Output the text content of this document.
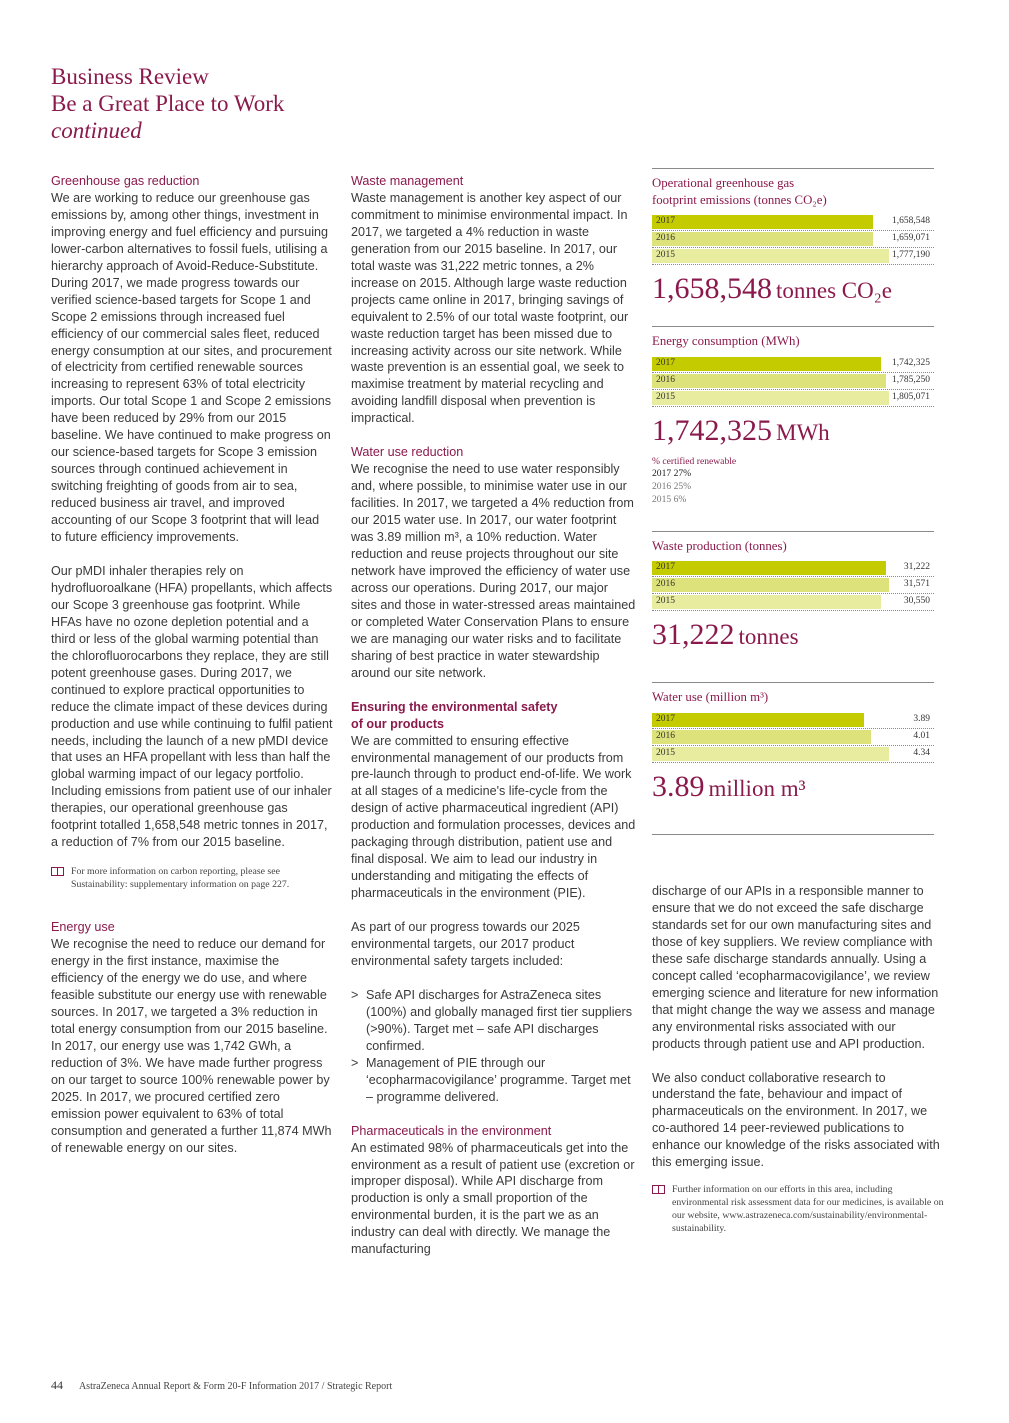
Business Review
Be a Great Place to Work
continued
Greenhouse gas reduction

We are working to reduce our greenhouse gas emissions by, among other things, investment in improving energy and fuel efficiency and pursuing lower-carbon alternatives to fossil fuels, utilising a hierarchy approach of Avoid-Reduce-Substitute. During 2017, we made progress towards our verified science-based targets for Scope 1 and Scope 2 emissions through increased fuel efficiency of our commercial sales fleet, reduced energy consumption at our sites, and procurement of electricity from certified renewable sources increasing to represent 63% of total electricity imports. Our total Scope 1 and Scope 2 emissions have been reduced by 29% from our 2015 baseline. We have continued to make progress on our science-based targets for Scope 3 emission sources through continued achievement in switching freighting of goods from air to sea, reduced business air travel, and improved accounting of our Scope 3 footprint that will lead to future efficiency improvements.

Our pMDI inhaler therapies rely on hydrofluoroalkane (HFA) propellants, which affects our Scope 3 greenhouse gas footprint. While HFAs have no ozone depletion potential and a third or less of the global warming potential than the chlorofluorocarbons they replace, they are still potent greenhouse gases. During 2017, we continued to explore practical opportunities to reduce the climate impact of these devices during production and use while continuing to fulfil patient needs, including the launch of a new pMDI device that uses an HFA propellant with less than half the global warming impact of our legacy portfolio. Including emissions from patient use of our inhaler therapies, our operational greenhouse gas footprint totalled 1,658,548 metric tonnes in 2017, a reduction of 7% from our 2015 baseline.

For more information on carbon reporting, please see Sustainability: supplementary information on page 227.
Energy use

We recognise the need to reduce our demand for energy in the first instance, maximise the efficiency of the energy we do use, and where feasible substitute our energy use with renewable sources. In 2017, we targeted a 3% reduction in total energy consumption from our 2015 baseline. In 2017, our energy use was 1,742 GWh, a reduction of 3%. We have made further progress on our target to source 100% renewable power by 2025. In 2017, we procured certified zero emission power equivalent to 63% of total consumption and generated a further 11,874 MWh of renewable energy on our sites.

Waste management

Waste management is another key aspect of our commitment to minimise environmental impact. In 2017, we targeted a 4% reduction in waste generation from our 2015 baseline. In 2017, our total waste was 31,222 metric tonnes, a 2% increase on 2015. Although large waste reduction projects came online in 2017, bringing savings of equivalent to 2.5% of our total waste footprint, our waste reduction target has been missed due to increasing activity across our site network. While waste prevention is an essential goal, we seek to maximise treatment by material recycling and avoiding landfill disposal when prevention is impractical.

Water use reduction

We recognise the need to use water responsibly and, where possible, to minimise water use in our facilities. In 2017, we targeted a 4% reduction from our 2015 water use. In 2017, our water footprint was 3.89 million m³, a 10% reduction. Water reduction and reuse projects throughout our site network have improved the efficiency of water use across our operations. During 2017, our major sites and those in water-stressed areas maintained or completed Water Conservation Plans to ensure we are managing our water risks and to facilitate sharing of best practice in water stewardship around our site network.

Ensuring the environmental safety
of our products

We are committed to ensuring effective environmental management of our products from pre-launch through to product end-of-life. We work at all stages of a medicine's life-cycle from the design of active pharmaceutical ingredient (API) production and formulation processes, devices and packaging through distribution, patient use and final disposal. We aim to lead our industry in understanding and mitigating the effects of pharmaceuticals in the environment (PIE).

As part of our progress towards our 2025 environmental targets, our 2017 product environmental safety targets included:

> Safe API discharges for AstraZeneca sites (100%) and globally managed first tier suppliers (>90%). Target met – safe API discharges confirmed.
> Management of PIE through our ‘ecopharmacovigilance’ programme. Target met – programme delivered.
Pharmaceuticals in the environment

An estimated 98% of pharmaceuticals get into the environment as a result of patient use (excretion or improper disposal). While API discharge from production is only a small proportion of the environmental burden, it is the part we as an industry can deal with directly. We manage the manufacturing

Operational greenhouse gas
footprint emissions (tonnes CO₂e)
2017	1,658,548
2016	1,659,071
2015	1,777,190
1,658,548 tonnes CO₂e
Energy consumption (MWh)
2017	1,742,325
2016	1,785,250
2015	1,805,071
1,742,325 MWh
% certified renewable
2017 27%
2016 25%
2015 6%
Waste production (tonnes)
2017	31,222
2016	31,571
2015	30,550
31,222 tonnes
Water use (million m³)
2017	3.89
2016	4.01
2015	4.34
3.89 million m³

discharge of our APIs in a responsible manner to ensure that we do not exceed the safe discharge standards set for our own manufacturing sites and those of key suppliers. We review compliance with these safe discharge standards annually. Using a concept called ‘ecopharmacovigilance’, we review emerging science and literature for new information that might change the way we assess and manage any environmental risks associated with our products through patient use and API production.

We also conduct collaborative research to understand the fate, behaviour and impact of pharmaceuticals on the environment. In 2017, we co-authored 14 peer-reviewed publications to enhance our knowledge of the risks associated with this emerging issue.

Further information on our efforts in this area, including environmental risk assessment data for our medicines, is available on our website, www.astrazeneca.com/sustainability/environmental-sustainability.
44 AstraZeneca Annual Report & Form 20-F Information 2017 / Strategic Report
